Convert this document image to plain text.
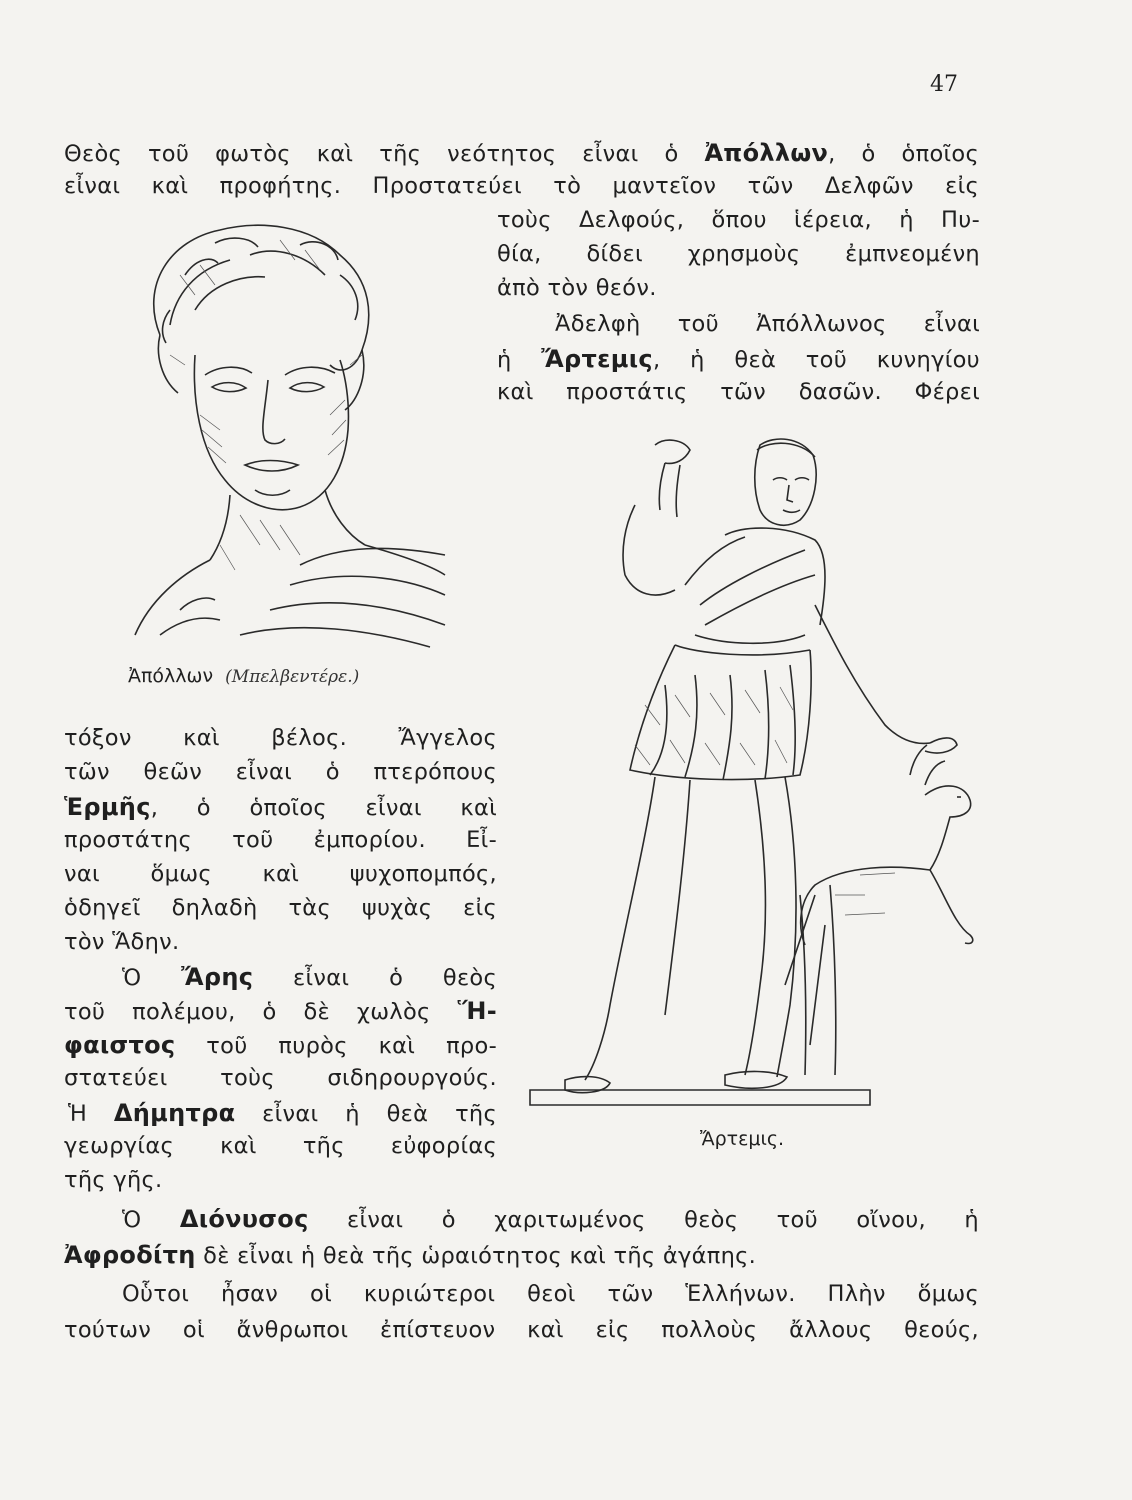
47
Θεὸς τοῦ φωτὸς καὶ τῆς νεότητος εἶναι ὁ Ἀπόλλων, ὁ ὁποῖος
εἶναι καὶ προφήτης. Προστατεύει τὸ μαντεῖον τῶν Δελφῶν εἰς
τοὺς Δελφούς, ὅπου ἱέρεια, ἡ Πυ-
θία, δίδει χρησμοὺς ἐμπνεομένη
ἀπὸ τὸν θεόν.
Ἀδελφὴ τοῦ Ἀπόλλωνος εἶναι
ἡ Ἄρτεμις, ἡ θεὰ τοῦ κυνηγίου
καὶ προστάτις τῶν δασῶν. Φέρει
τόξον καὶ βέλος. Ἄγγελος
τῶν θεῶν εἶναι ὁ πτερόπους
Ἑρμῆς, ὁ ὁποῖος εἶναι καὶ
προστάτης τοῦ ἐμπορίου. Εἶ-
ναι ὅμως καὶ ψυχοπομπός,
ὁδηγεῖ δηλαδὴ τὰς ψυχὰς εἰς
τὸν Ἅδην.
Ὁ Ἄρης εἶναι ὁ θεὸς
τοῦ πολέμου, ὁ δὲ χωλὸς Ἥ-
φαιστος τοῦ πυρὸς καὶ προ-
στατεύει τοὺς σιδηρουργούς.
Ἡ Δήμητρα εἶναι ἡ θεὰ τῆς
γεωργίας καὶ τῆς εὐφορίας
τῆς γῆς.
Ὁ Διόνυσος εἶναι ὁ χαριτωμένος θεὸς τοῦ οἴνου, ἡ
Ἀφροδίτη δὲ εἶναι ἡ θεὰ τῆς ὡραιότητος καὶ τῆς ἀγάπης.
Οὗτοι ἦσαν οἱ κυριώτεροι θεοὶ τῶν Ἑλλήνων. Πλὴν ὅμως
τούτων οἱ ἄνθρωποι ἐπίστευον καὶ εἰς πολλοὺς ἄλλους θεούς,
Ἀπόλλων (Μπελβεντέρε.)
Ἄρτεμις.
